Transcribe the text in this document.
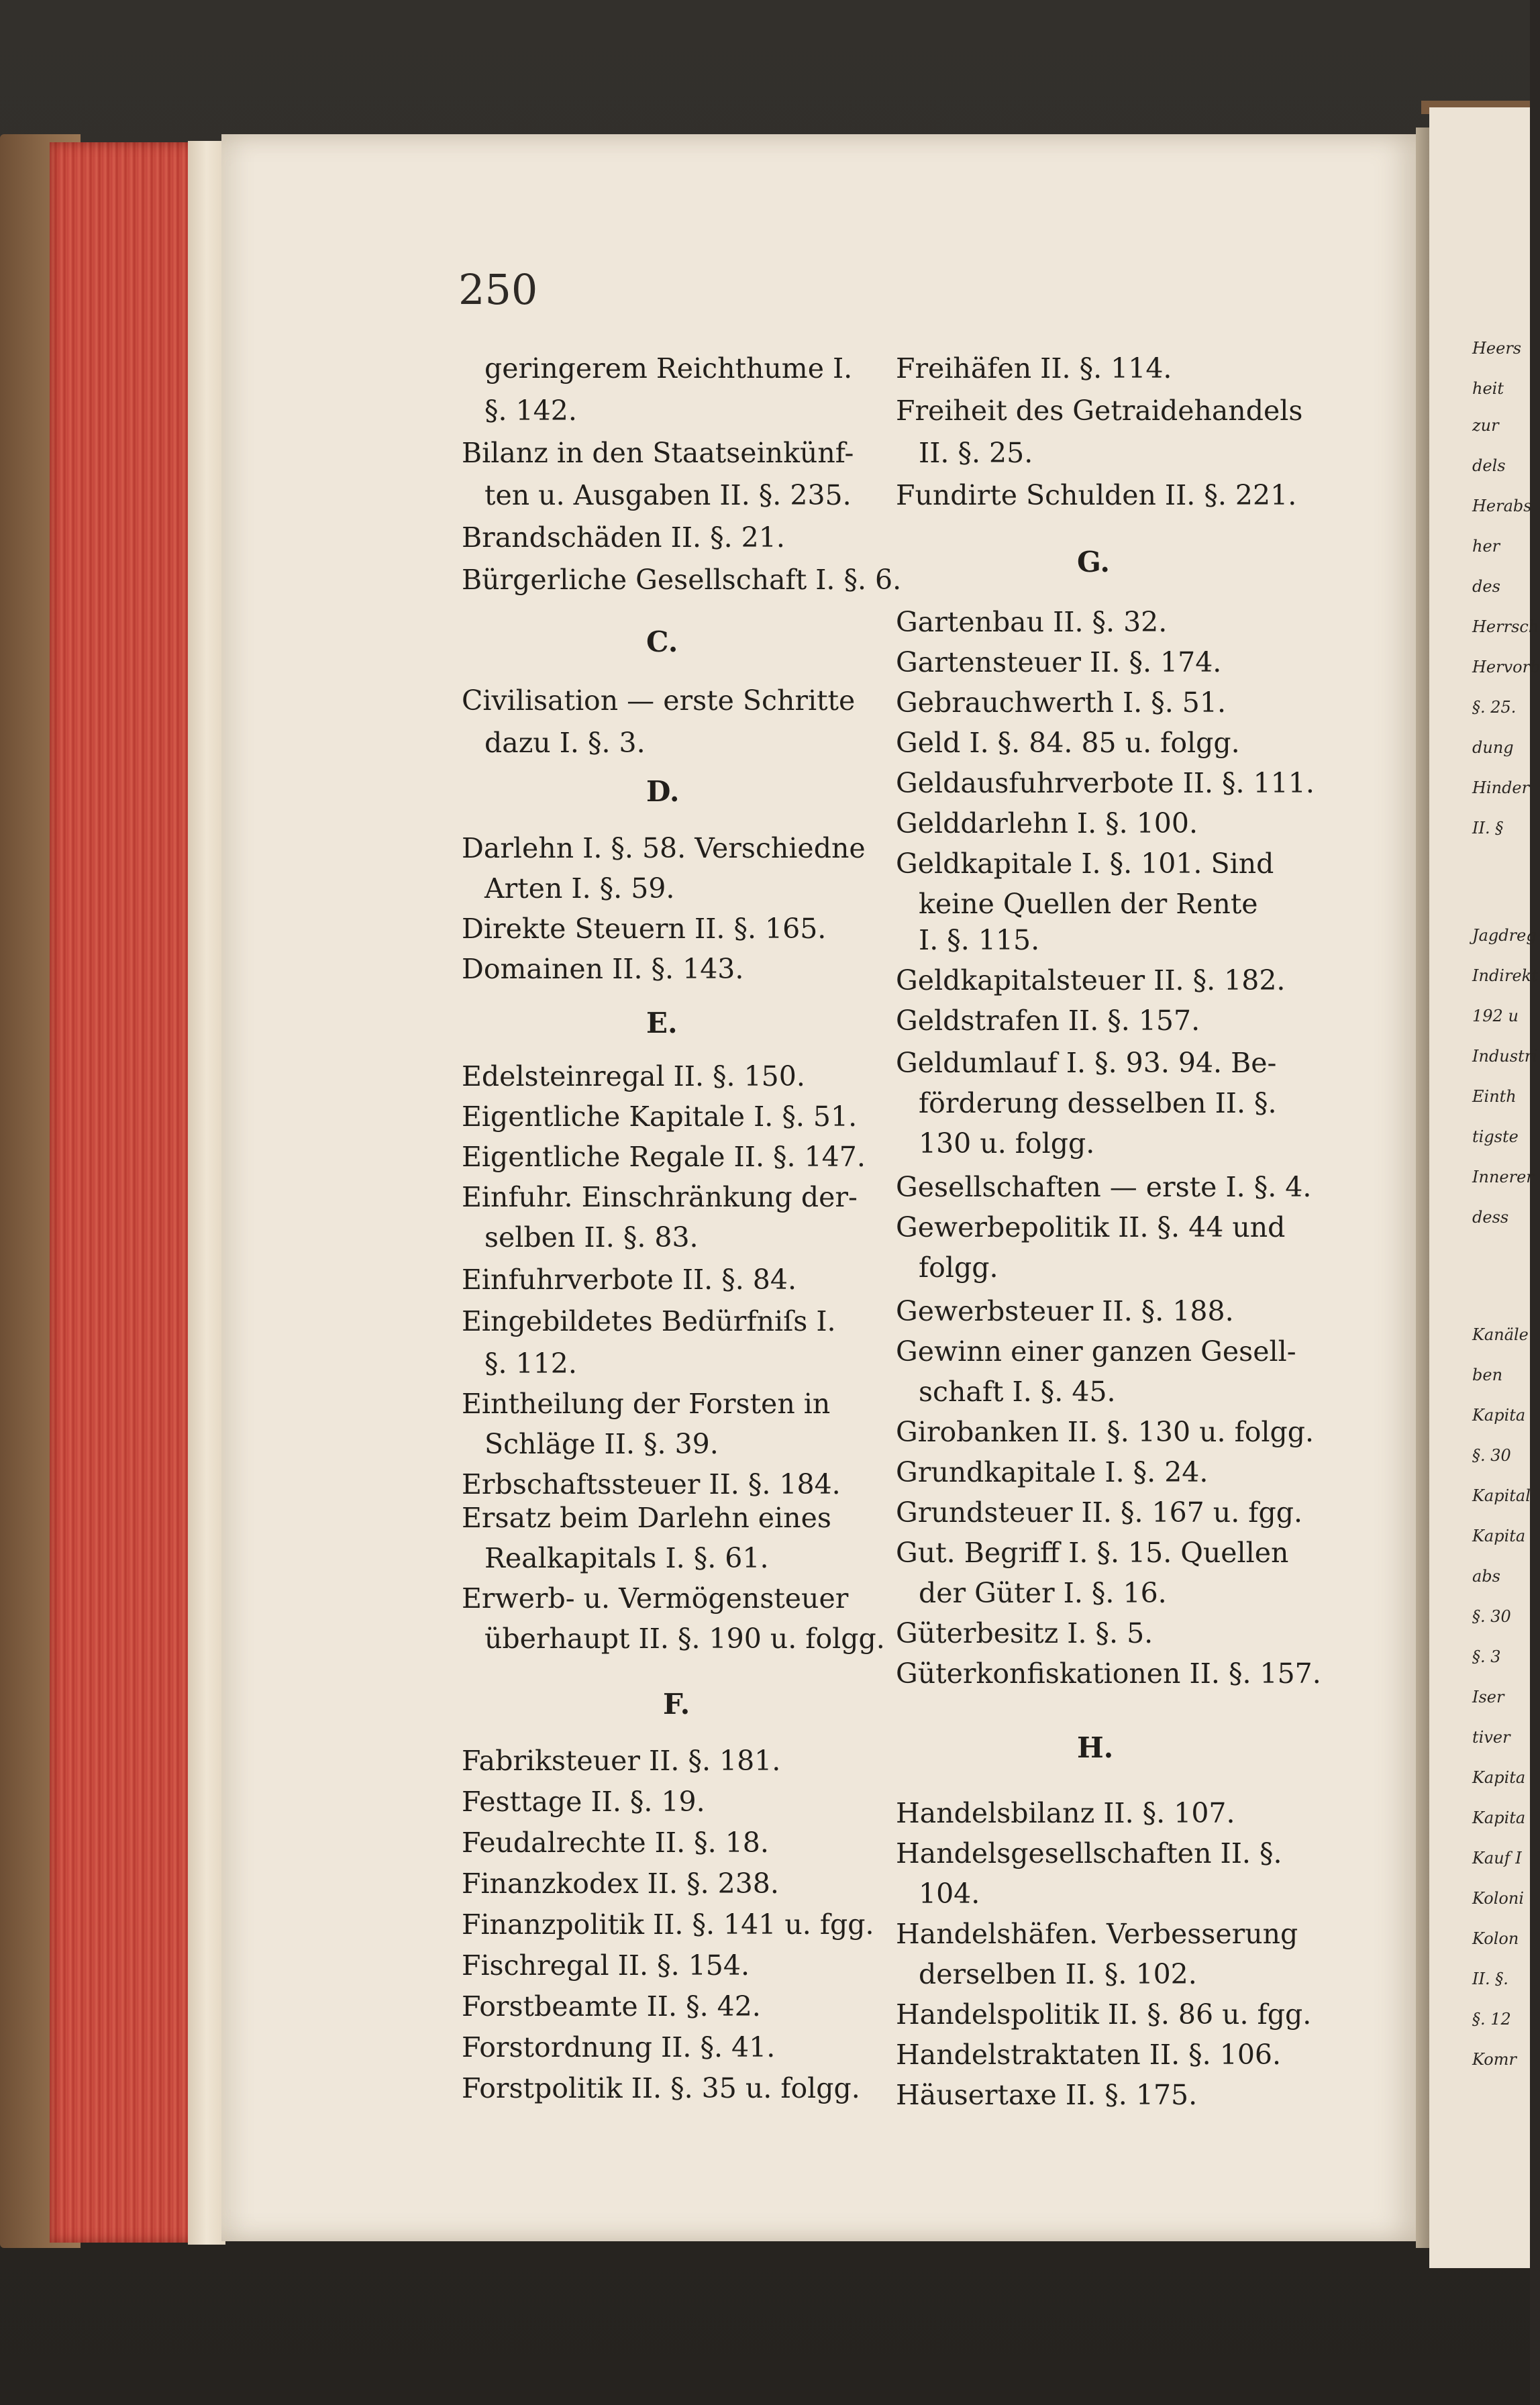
250
geringerem Reichthume I.
§. 142.
Bilanz in den Staatseinkünf-
ten u. Ausgaben II. §. 235.
Brandschäden II. §. 21.
Bürgerliche Gesellschaft I. §. 6.
C.
Civilisation — erste Schritte
dazu I. §. 3.
D.
Darlehn I. §. 58. Verschiedne
Arten I. §. 59.
Direkte Steuern II. §. 165.
Domainen II. §. 143.
E.
Edelsteinregal II. §. 150.
Eigentliche Kapitale I. §. 51.
Eigentliche Regale II. §. 147.
Einfuhr. Einschränkung der-
selben II. §. 83.
Einfuhrverbote II. §. 84.
Eingebildetes Bedürfniſs I.
§. 112.
Eintheilung der Forsten in
Schläge II. §. 39.
Erbschaftssteuer II. §. 184.
Ersatz beim Darlehn eines
Realkapitals I. §. 61.
Erwerb- u. Vermögensteuer
überhaupt II. §. 190 u. folgg.
F.
Fabriksteuer II. §. 181.
Festtage II. §. 19.
Feudalrechte II. §. 18.
Finanzkodex II. §. 238.
Finanzpolitik II. §. 141 u. fgg.
Fischregal II. §. 154.
Forstbeamte II. §. 42.
Forstordnung II. §. 41.
Forstpolitik II. §. 35 u. folgg.
Freihäfen II. §. 114.
Freiheit des Getraidehandels
II. §. 25.
Fundirte Schulden II. §. 221.
G.
Gartenbau II. §. 32.
Gartensteuer II. §. 174.
Gebrauchwerth I. §. 51.
Geld I. §. 84. 85 u. folgg.
Geldausfuhrverbote II. §. 111.
Gelddarlehn I. §. 100.
Geldkapitale I. §. 101. Sind
keine Quellen der Rente
I. §. 115.
Geldkapitalsteuer II. §. 182.
Geldstrafen II. §. 157.
Geldumlauf I. §. 93. 94. Be-
förderung desselben II. §.
130 u. folgg.
Gesellschaften — erste I. §. 4.
Gewerbepolitik II. §. 44 und
folgg.
Gewerbsteuer II. §. 188.
Gewinn einer ganzen Gesell-
schaft I. §. 45.
Girobanken II. §. 130 u. folgg.
Grundkapitale I. §. 24.
Grundsteuer II. §. 167 u. fgg.
Gut. Begriff I. §. 15. Quellen
der Güter I. §. 16.
Güterbesitz I. §. 5.
Güterkonfiskationen II. §. 157.
H.
Handelsbilanz II. §. 107.
Handelsgesellschaften II. §.
104.
Handelshäfen. Verbesserung
derselben II. §. 102.
Handelspolitik II. §. 86 u. fgg.
Handelstraktaten II. §. 106.
Häusertaxe II. §. 175.
Heers
heit
zur
dels
Herabs
her
des
Herrsch
Hervorb
§. 25.
dung
Hinder
II. §
Jagdreg
Indirekt
192 u
Industri
Einth
tigste
Innerer
dess
Kanäle
ben
Kapita
§. 30
Kapital
Kapita
abs
§. 30
§. 3
Iser
tiver
Kapita
Kapita
Kauf I
Koloni
Kolon
II. §.
§. 12
Komr
